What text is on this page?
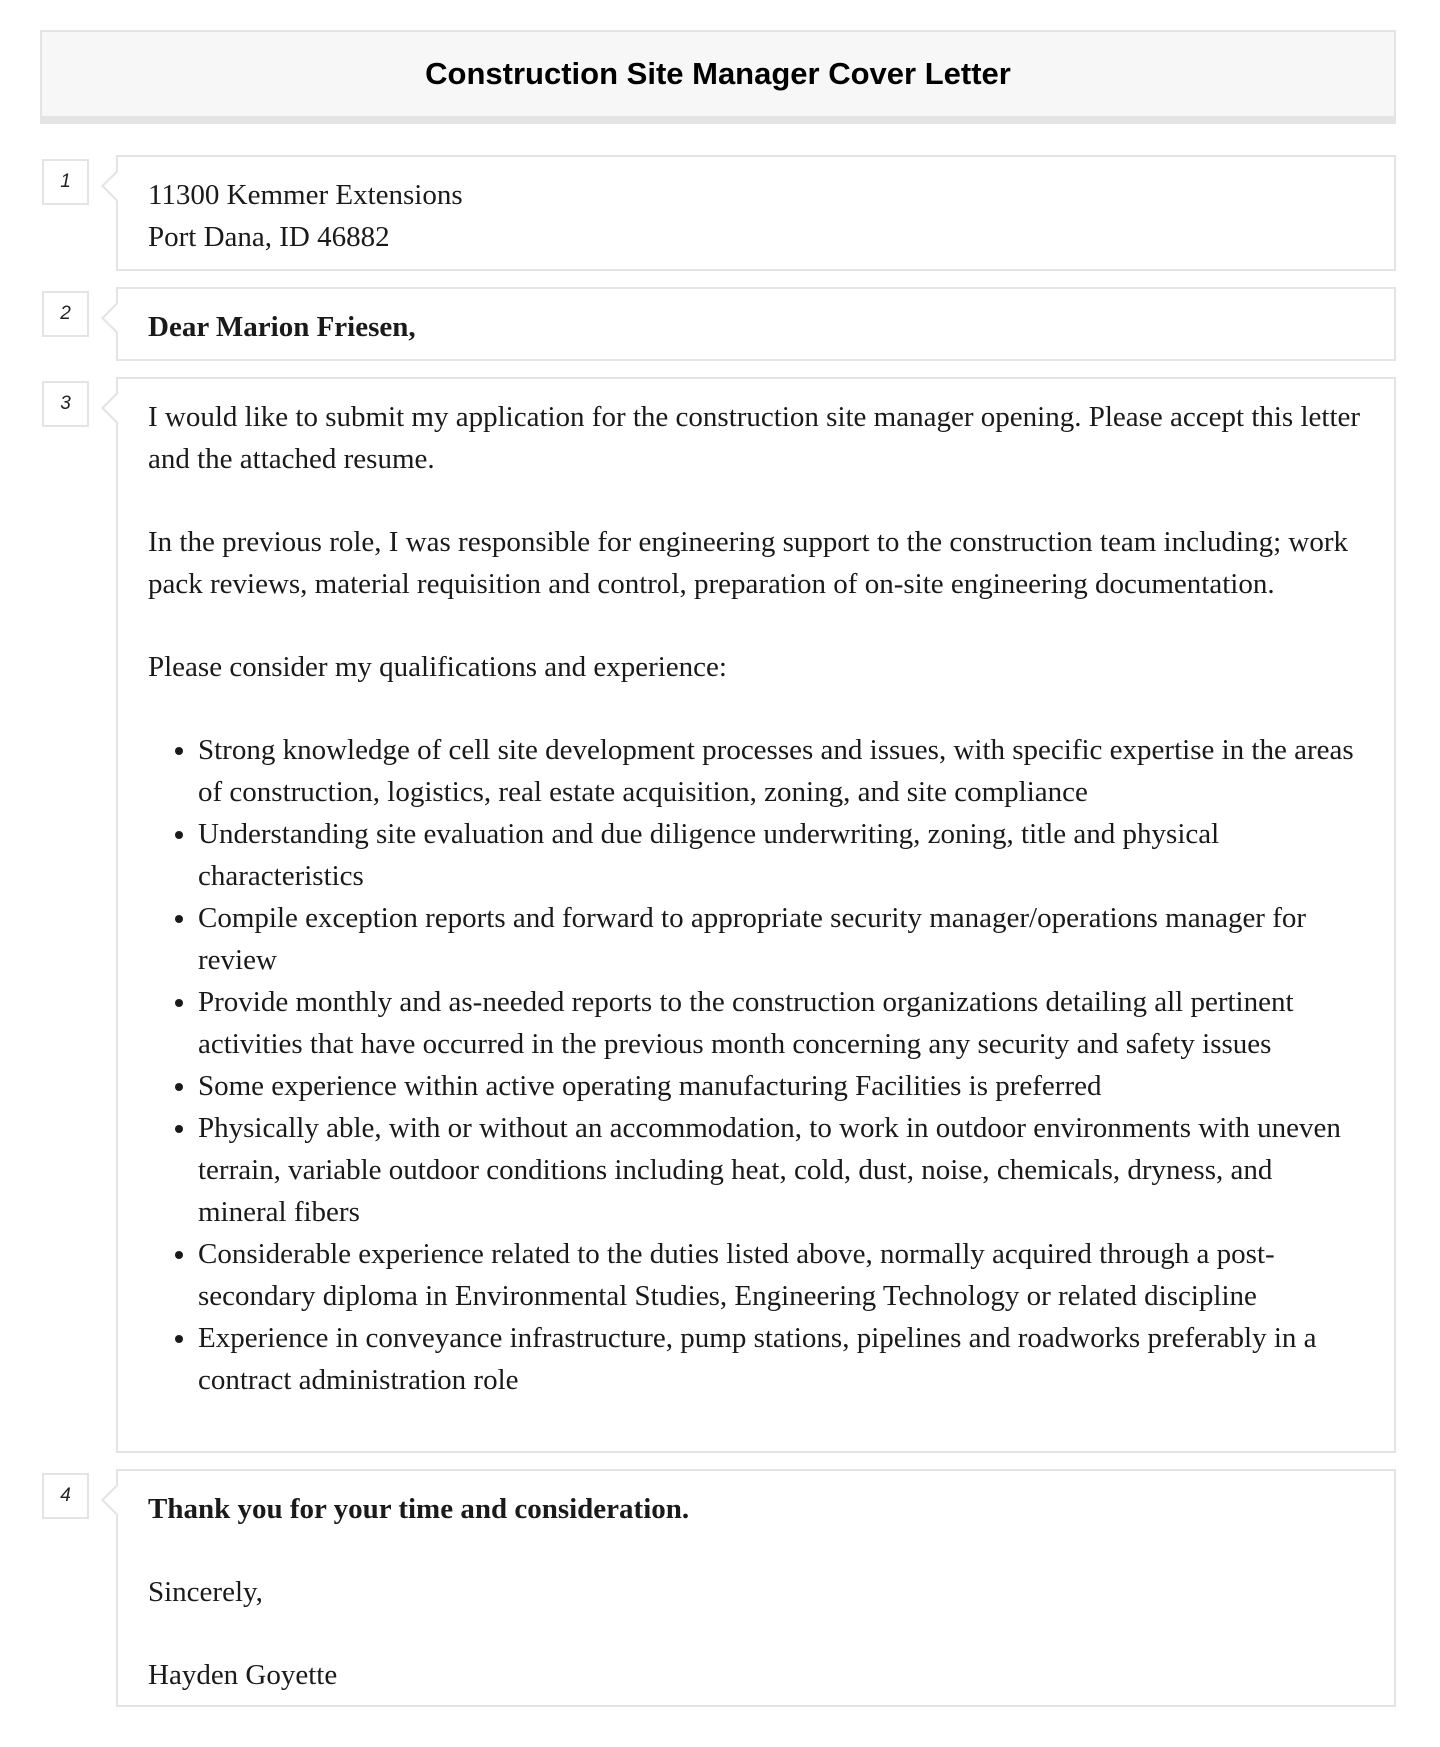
Construction Site Manager Cover Letter
1	11300 Kemmer Extensions
Port Dana, ID 46882
2	Dear Marion Friesen,
3	I would like to submit my application for the construction site manager opening. Please accept this letter and the attached resume.
In the previous role, I was responsible for engineering support to the construction team including; work pack reviews, material requisition and control, preparation of on-site engineering documentation.
Please consider my qualifications and experience:
• Strong knowledge of cell site development processes and issues, with specific expertise in the areas of construction, logistics, real estate acquisition, zoning, and site compliance
• Understanding site evaluation and due diligence underwriting, zoning, title and physical characteristics
• Compile exception reports and forward to appropriate security manager/operations manager for review
• Provide monthly and as-needed reports to the construction organizations detailing all pertinent activities that have occurred in the previous month concerning any security and safety issues
• Some experience within active operating manufacturing Facilities is preferred
• Physically able, with or without an accommodation, to work in outdoor environments with uneven terrain, variable outdoor conditions including heat, cold, dust, noise, chemicals, dryness, and mineral fibers
• Considerable experience related to the duties listed above, normally acquired through a post-secondary diploma in Environmental Studies, Engineering Technology or related discipline
• Experience in conveyance infrastructure, pump stations, pipelines and roadworks preferably in a contract administration role
4	Thank you for your time and consideration.
Sincerely,
Hayden Goyette
